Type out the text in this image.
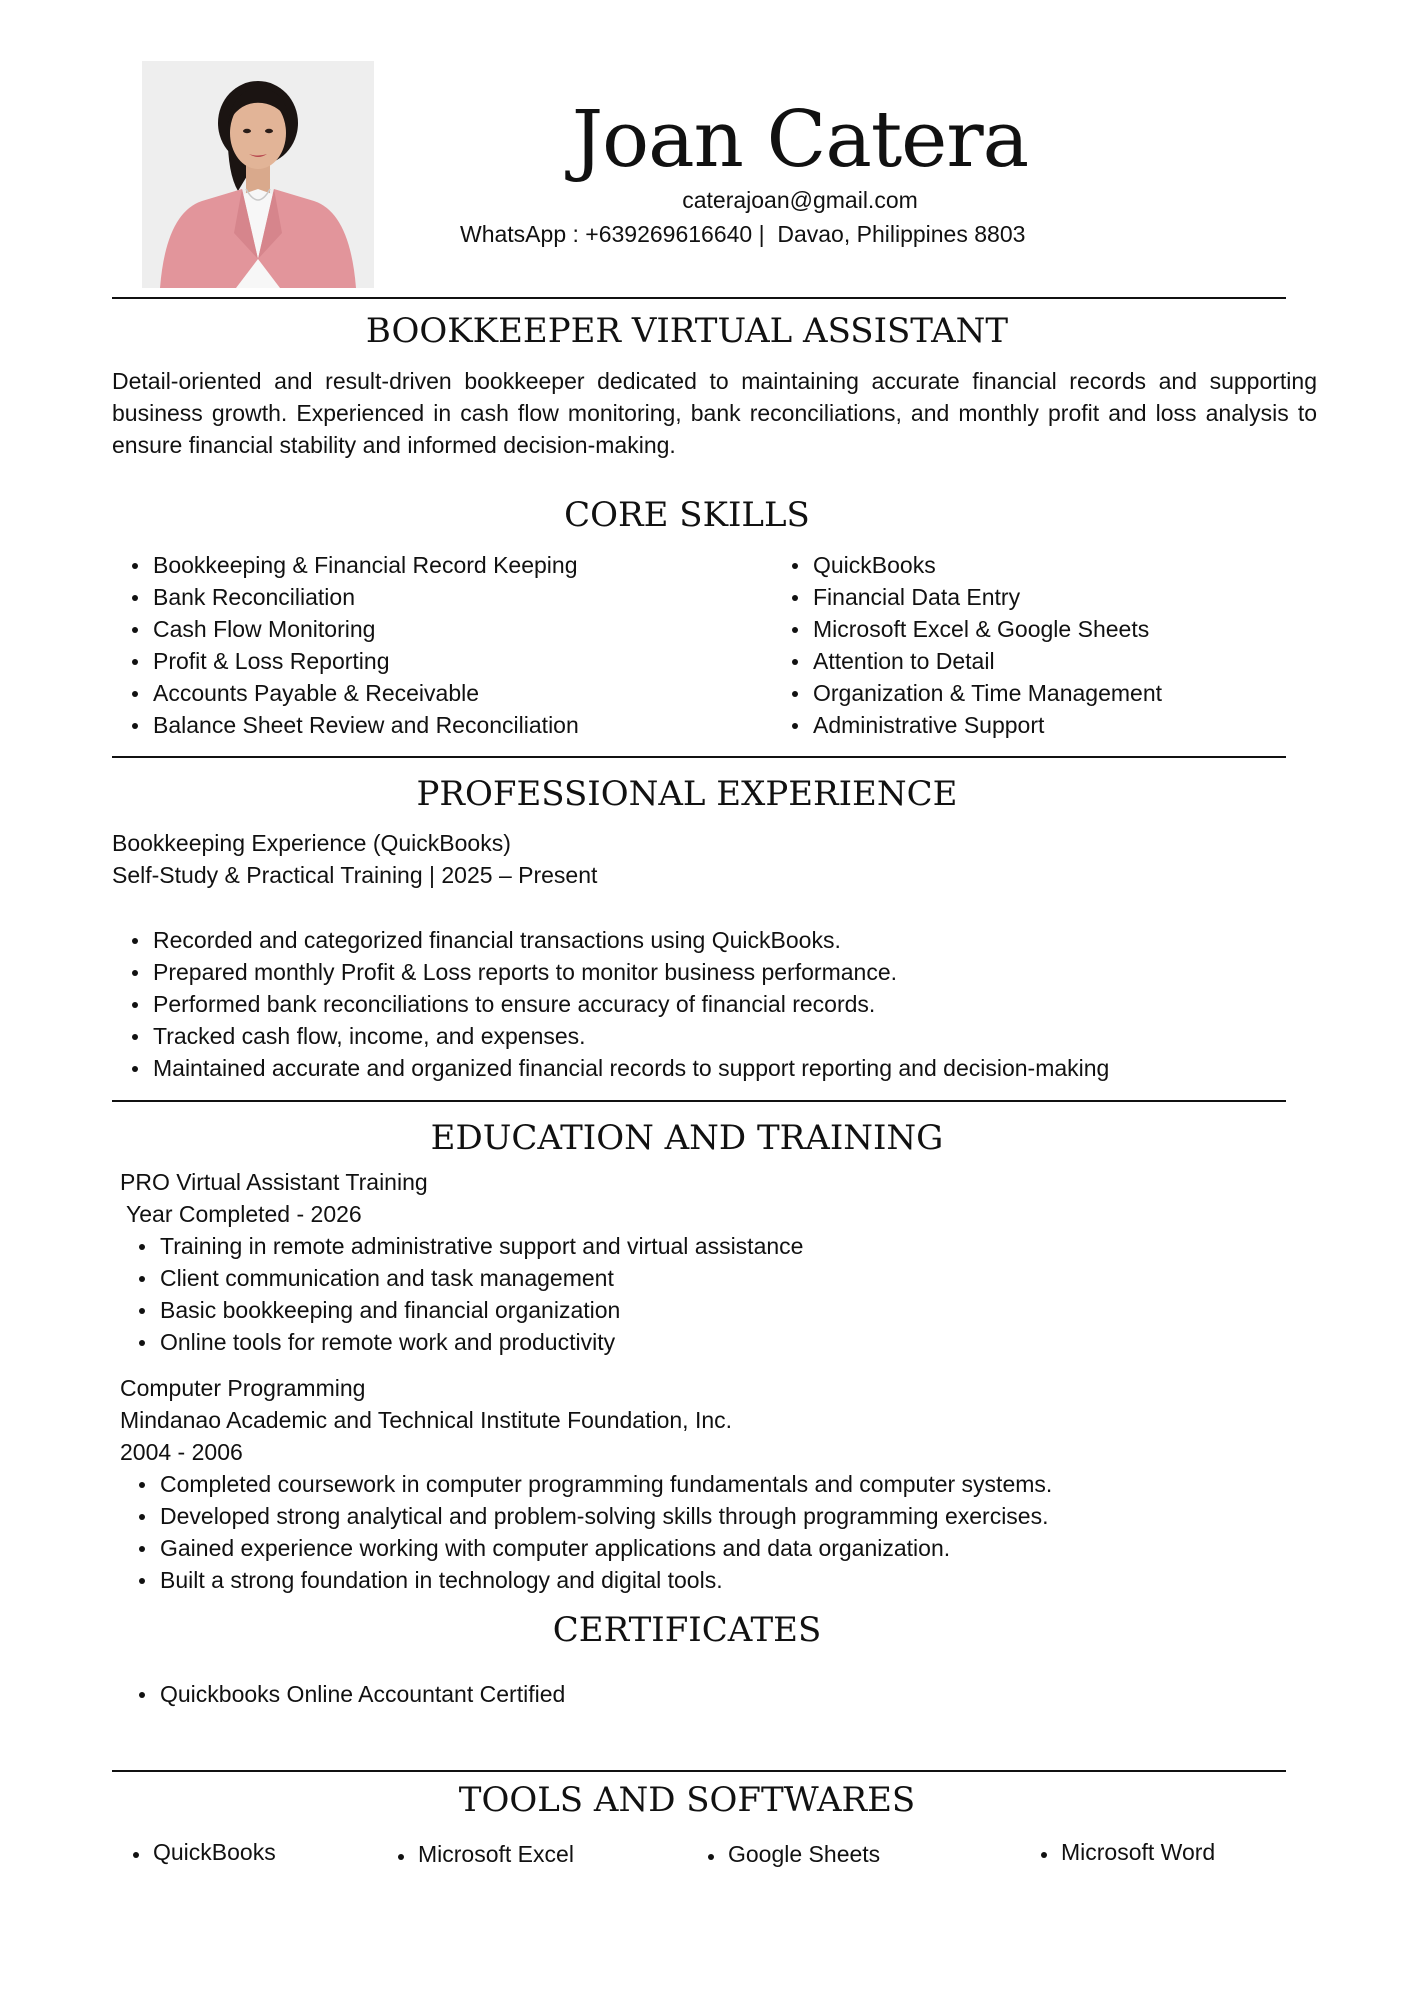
Joan Catera
caterajoan@gmail.com
WhatsApp : +639269616640 |  Davao, Philippines 8803
BOOKKEEPER VIRTUAL ASSISTANT
Detail-oriented and result-driven bookkeeper dedicated to maintaining accurate financial records and supporting business growth. Experienced in cash flow monitoring, bank reconciliations, and monthly profit and loss analysis to ensure financial stability and informed decision-making.
CORE SKILLS
Bookkeeping & Financial Record Keeping
Bank Reconciliation
Cash Flow Monitoring
Profit & Loss Reporting
Accounts Payable & Receivable
Balance Sheet Review and Reconciliation
QuickBooks
Financial Data Entry
Microsoft Excel & Google Sheets
Attention to Detail
Organization & Time Management
Administrative Support
PROFESSIONAL EXPERIENCE
Bookkeeping Experience (QuickBooks)
Self-Study & Practical Training | 2025 – Present
Recorded and categorized financial transactions using QuickBooks.
Prepared monthly Profit & Loss reports to monitor business performance.
Performed bank reconciliations to ensure accuracy of financial records.
Tracked cash flow, income, and expenses.
Maintained accurate and organized financial records to support reporting and decision-making
EDUCATION AND TRAINING
PRO Virtual Assistant Training
Year Completed - 2026
Training in remote administrative support and virtual assistance
Client communication and task management
Basic bookkeeping and financial organization
Online tools for remote work and productivity
Computer Programming
Mindanao Academic and Technical Institute Foundation, Inc.
2004 - 2006
Completed coursework in computer programming fundamentals and computer systems.
Developed strong analytical and problem-solving skills through programming exercises.
Gained experience working with computer applications and data organization.
Built a strong foundation in technology and digital tools.
CERTIFICATES
Quickbooks Online Accountant Certified
TOOLS AND SOFTWARES
QuickBooks	Microsoft Excel	Google Sheets	Microsoft Word
